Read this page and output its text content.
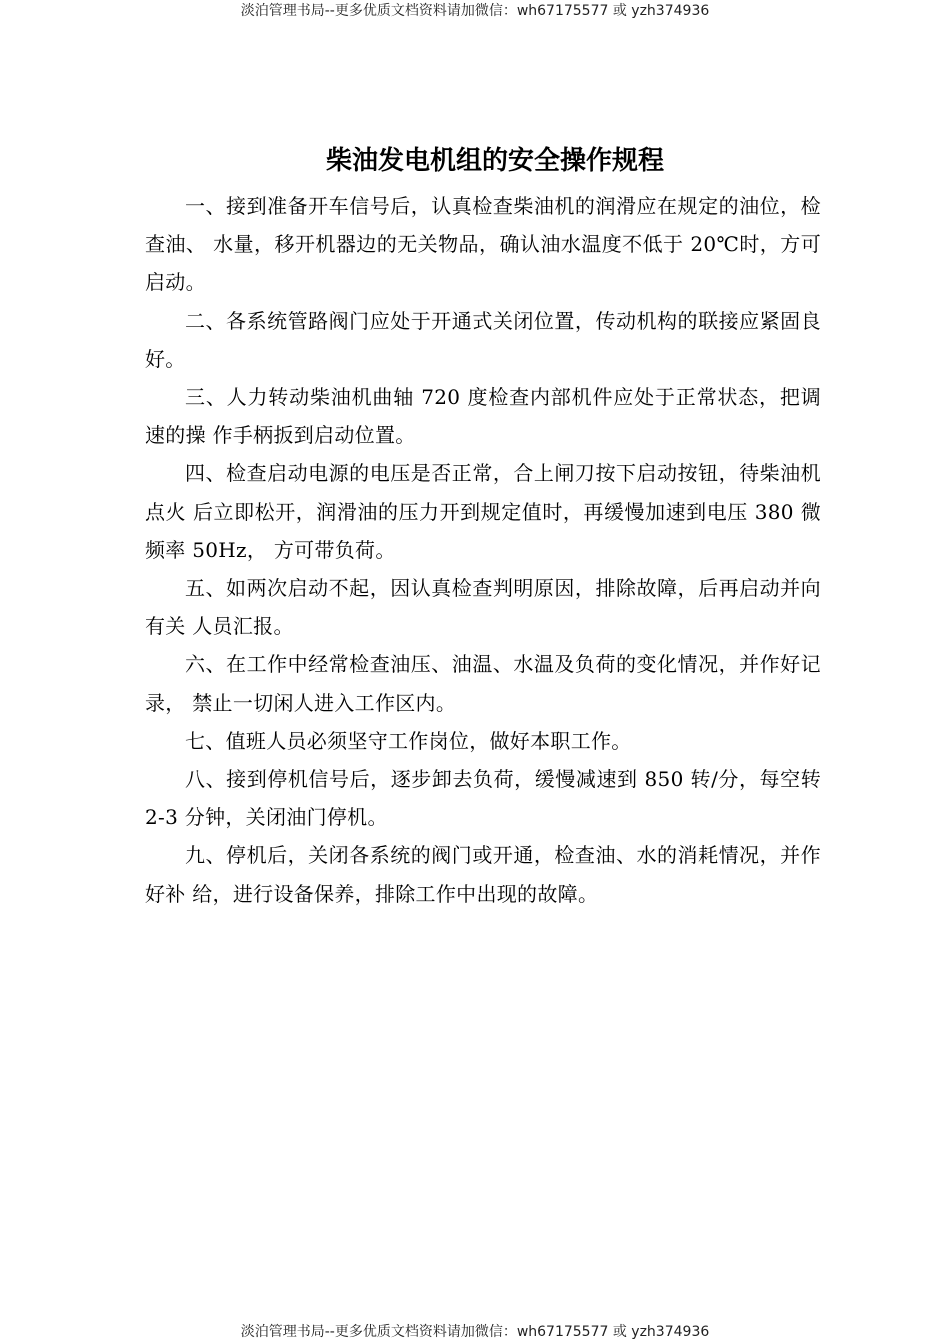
淡泊管理书局--更多优质文档资料请加微信：wh67175577 或 yzh374936
柴油发电机组的安全操作规程

一、接到准备开车信号后，认真检查柴油机的润滑应在规定的油位，检查油、 水量，移开机器边的无关物品，确认油水温度不低于 20℃时，方可启动。

二、各系统管路阀门应处于开通式关闭位置，传动机构的联接应紧固良好。

三、人力转动柴油机曲轴 720 度检查内部机件应处于正常状态，把调速的操 作手柄扳到启动位置。

四、检查启动电源的电压是否正常，合上闸刀按下启动按钮，待柴油机点火 后立即松开，润滑油的压力开到规定值时，再缓慢加速到电压 380 微频率 50Hz， 方可带负荷。

五、如两次启动不起，因认真检查判明原因，排除故障，后再启动并向有关 人员汇报。

六、在工作中经常检查油压、油温、水温及负荷的变化情况，并作好记录， 禁止一切闲人进入工作区内。

七、值班人员必须坚守工作岗位，做好本职工作。

八、接到停机信号后，逐步卸去负荷，缓慢减速到 850 转/分，每空转 2-3 分钟，关闭油门停机。

九、停机后，关闭各系统的阀门或开通，检查油、水的消耗情况，并作好补 给，进行设备保养，排除工作中出现的故障。

淡泊管理书局--更多优质文档资料请加微信：wh67175577 或 yzh374936
